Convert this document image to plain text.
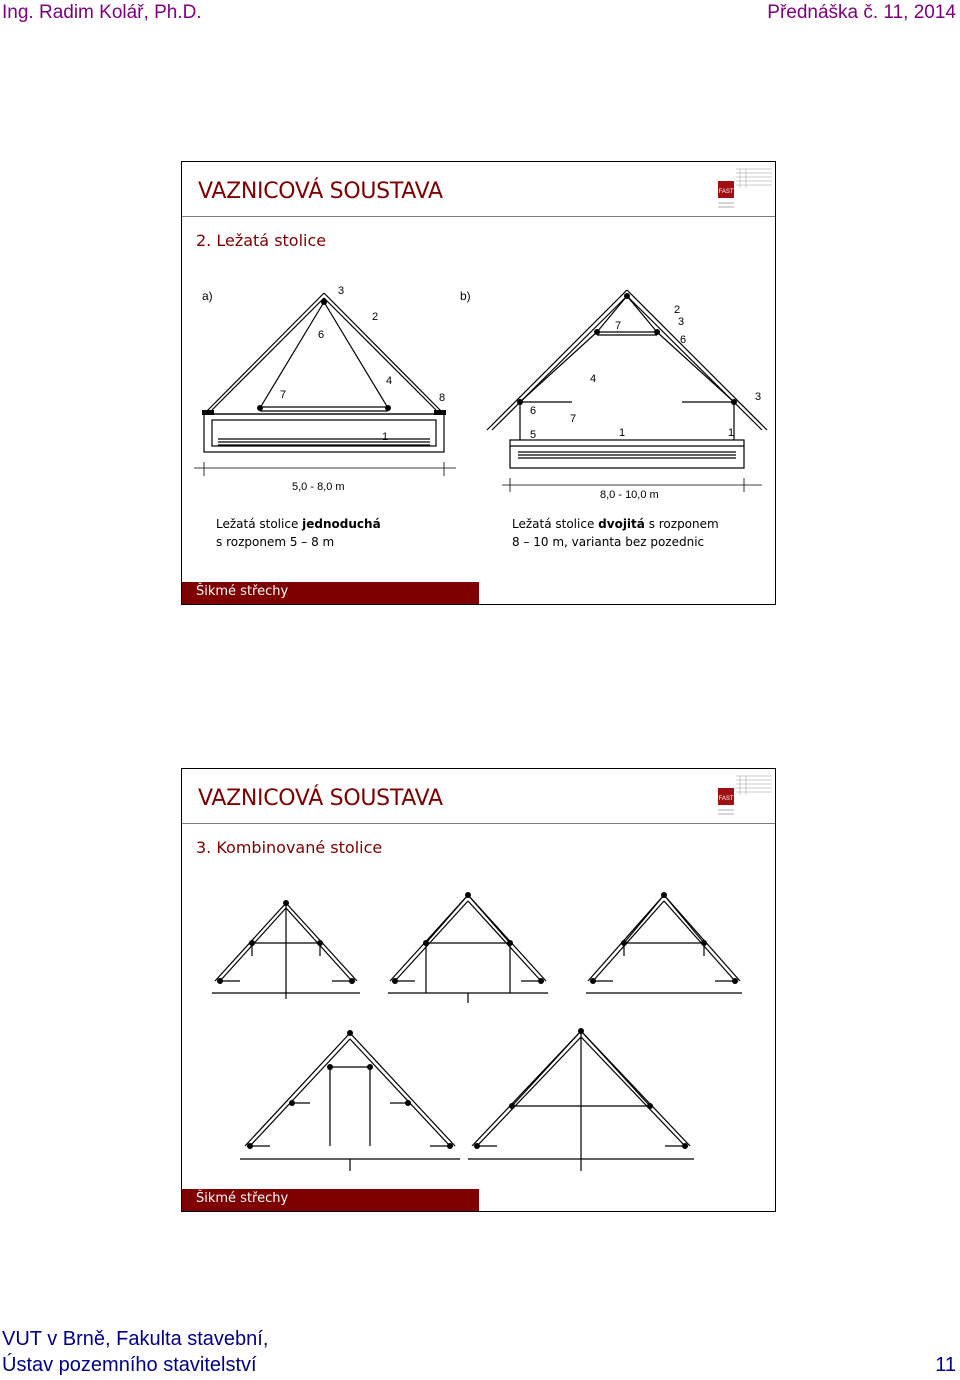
Ing. Radim Kolář, Ph.D.	Přednáška č. 11, 2014
VAZNICOVÁ SOUSTAVA	FAST
2. Ležatá stolice
a)
1
2
3
4
6
7	8
5,0 - 8,0 m
b)
1	1
2
3
3
4
5
6
6
7
7
8,0 - 10,0 m
Ležatá stolice jednoduchá
s rozponem 5 – 8 m
Ležatá stolice dvojitá s rozponem
8 – 10 m, varianta bez pozednic
Šikmé střechy
VAZNICOVÁ SOUSTAVA	FAST
3. Kombinované stolice
Šikmé střechy
VUT v Brně, Fakulta stavební,
Ústav pozemního stavitelství	11
